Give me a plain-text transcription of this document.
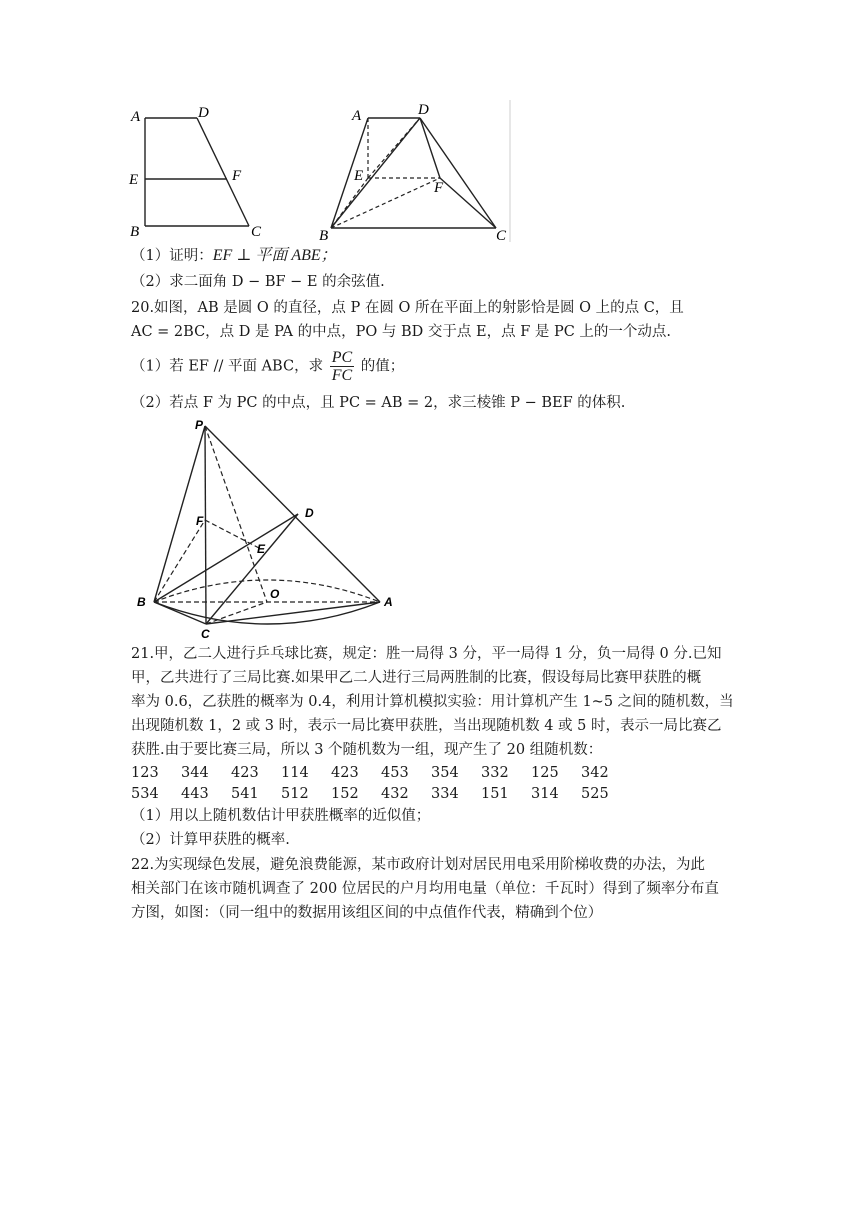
A	D
E	F
B	C
A	D
E
F
B	C
（1）证明：EF ⊥ 平面 ABE；
（2）求二面角 D − BF − E 的余弦值.
20.如图，AB 是圆 O 的直径，点 P 在圆 O 所在平面上的射影恰是圆 O 上的点 C，且
AC = 2BC，点 D 是 PA 的中点，PO 与 BD 交于点 E，点 F 是 PC 上的一个动点.
（1）若 EF // 平面 ABC，求 $\frac{PC}{FC}$ 的值；
（2）若点 F 为 PC 的中点，且 PC = AB = 2，求三棱锥 P − BEF 的体积.
P
F
D
E
O
B	A
C
21.甲，乙二人进行乒乓球比赛，规定：胜一局得 3 分，平一局得 1 分，负一局得 0 分.已知
甲，乙共进行了三局比赛.如果甲乙二人进行三局两胜制的比赛，假设每局比赛甲获胜的概
率为 0.6，乙获胜的概率为 0.4，利用计算机模拟实验：用计算机产生 1~5 之间的随机数，当
出现随机数 1，2 或 3 时，表示一局比赛甲获胜，当出现随机数 4 或 5 时，表示一局比赛乙
获胜.由于要比赛三局，所以 3 个随机数为一组，现产生了 20 组随机数：
123 344 423 114 423 453 354 332 125 342
534 443 541 512 152 432 334 151 314 525
（1）用以上随机数估计甲获胜概率的近似值；
（2）计算甲获胜的概率.
22.为实现绿色发展，避免浪费能源，某市政府计划对居民用电采用阶梯收费的办法，为此
相关部门在该市随机调查了 200 位居民的户月均用电量（单位：千瓦时）得到了频率分布直
方图，如图：（同一组中的数据用该组区间的中点值作代表，精确到个位）
